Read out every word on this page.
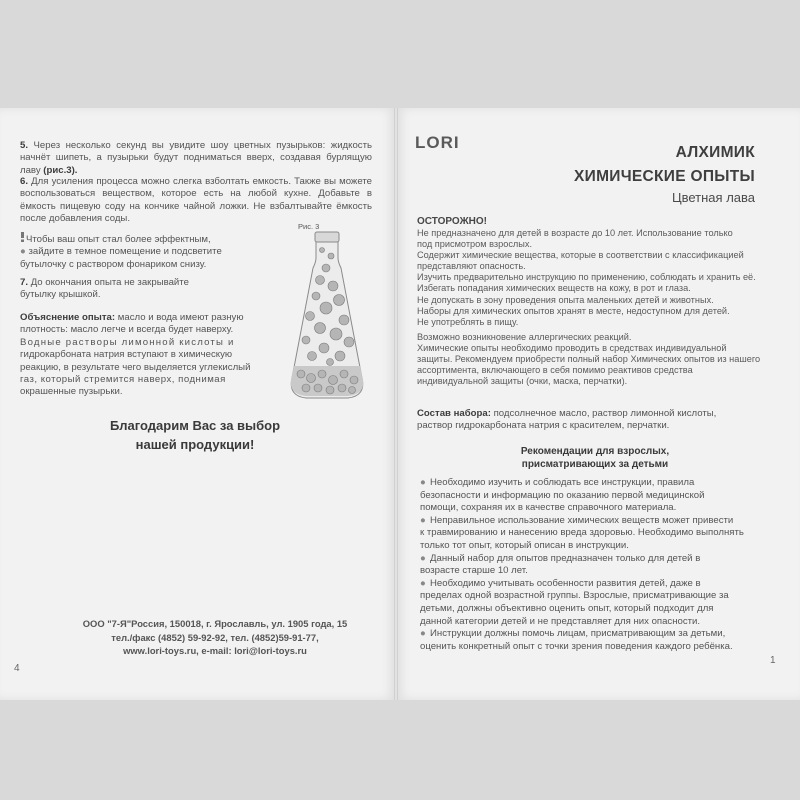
5. Через несколько секунд вы увидите шоу цветных пузырьков: жидкость начнёт шипеть, а пузырьки будут подниматься вверх, создавая бурлящую лаву (рис.3).
6. Для усиления процесса можно слегка взболтать емкость. Также вы можете воспользоваться веществом, которое есть на любой кухне. Добавьте в ёмкость пищевую соду на кончике чайной ложки. Не взбалтывайте ёмкость после добавления соды.
Чтобы ваш опыт стал более эффектным,
● зайдите в темное помещение и подсветите
бутылочку с раствором фонариком снизу.
7. До окончания опыта не закрывайте
бутылку крышкой.
Рис. 3
Объяснение опыта: масло и вода имеют разную
плотность: масло легче и всегда будет наверху.
Водные растворы лимонной кислоты и
гидрокарбоната натрия вступают в химическую
реакцию, в результате чего выделяется углекислый
газ, который стремится наверх, поднимая
окрашенные пузырьки.
Благодарим Вас за выбор
нашей продукции!
ООО "7-Я"Россия, 150018, г. Ярославль, ул. 1905 года, 15
тел./факс (4852) 59-92-92, тел. (4852)59-91-77,
www.lori-toys.ru, e-mail: lori@lori-toys.ru
4
LORI
АЛХИМИК
ХИМИЧЕСКИЕ ОПЫТЫ
Цветная лава
ОСТОРОЖНО!
Не предназначено для детей в возрасте до 10 лет. Использование только
под присмотром взрослых.
Содержит химические вещества, которые в соответствии с классификацией
представляют опасность.
Изучить предварительно инструкцию по применению, соблюдать и хранить её.
Избегать попадания химических веществ на кожу, в рот и глаза.
Не допускать в зону проведения опыта маленьких детей и животных.
Наборы для химических опытов хранят в месте, недоступном для детей.
Не употреблять в пищу.
Возможно возникновение аллергических реакций.
Химические опыты необходимо проводить в средствах индивидуальной
защиты. Рекомендуем приобрести полный набор Химических опытов из нашего
ассортимента, включающего в себя помимо реактивов средства
индивидуальной защиты (очки, маска, перчатки).
Состав набора: подсолнечное масло, раствор лимонной кислоты,
раствор гидрокарбоната натрия с красителем, перчатки.
Рекомендации для взрослых,
присматривающих за детьми
● Необходимо изучить и соблюдать все инструкции, правила
безопасности и информацию по оказанию первой медицинской
помощи, сохраняя их в качестве справочного материала.
● Неправильное использование химических веществ может привести
к травмированию и нанесению вреда здоровью. Необходимо выполнять
только тот опыт, который описан в инструкции.
● Данный набор для опытов предназначен только для детей в
возрасте старше 10 лет.
● Необходимо учитывать особенности развития детей, даже в
пределах одной возрастной группы. Взрослые, присматривающие за
детьми, должны объективно оценить опыт, который подходит для
данной категории детей и не представляет для них опасности.
● Инструкции должны помочь лицам, присматривающим за детьми,
оценить конкретный опыт с точки зрения поведения каждого ребёнка.
1
